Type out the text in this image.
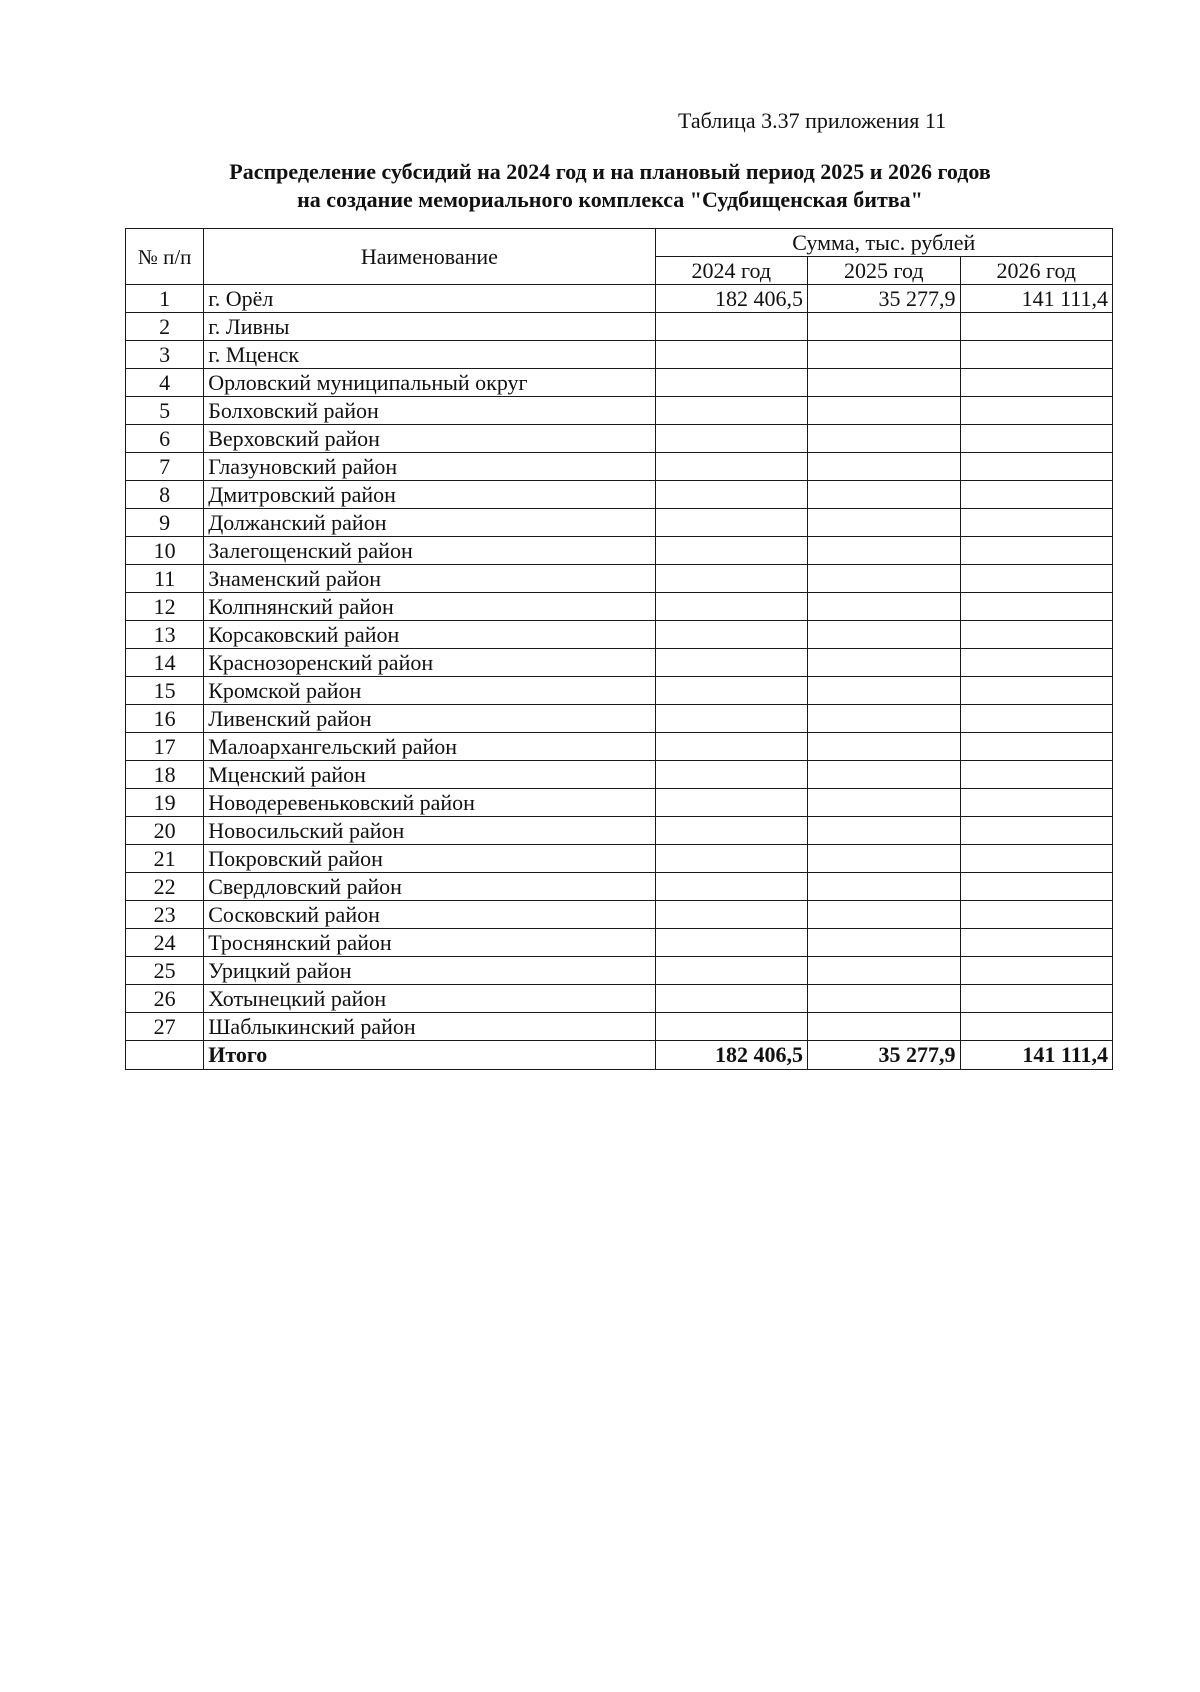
Таблица 3.37 приложения 11
Распределение субсидий на 2024 год и на плановый период 2025 и 2026 годов
на создание мемориального комплекса "Судбищенская битва"
№ п/п	Наименование	Сумма, тыс. рублей		
		2024 год	2025 год	2026 год
1	г. Орёл	182 406,5	35 277,9	141 111,4
2	г. Ливны			
3	г. Мценск			
4	Орловский муниципальный округ			
5	Болховский район			
6	Верховский район			
7	Глазуновский район			
8	Дмитровский район			
9	Должанский район			
10	Залегощенский район			
11	Знаменский район			
12	Колпнянский район			
13	Корсаковский район			
14	Краснозоренский район			
15	Кромской район			
16	Ливенский район			
17	Малоархангельский район			
18	Мценский район			
19	Новодеревеньковский район			
20	Новосильский район			
21	Покровский район			
22	Свердловский район			
23	Сосковский район			
24	Троснянский район			
25	Урицкий район			
26	Хотынецкий район			
27	Шаблыкинский район			
	Итого	182 406,5	35 277,9	141 111,4
